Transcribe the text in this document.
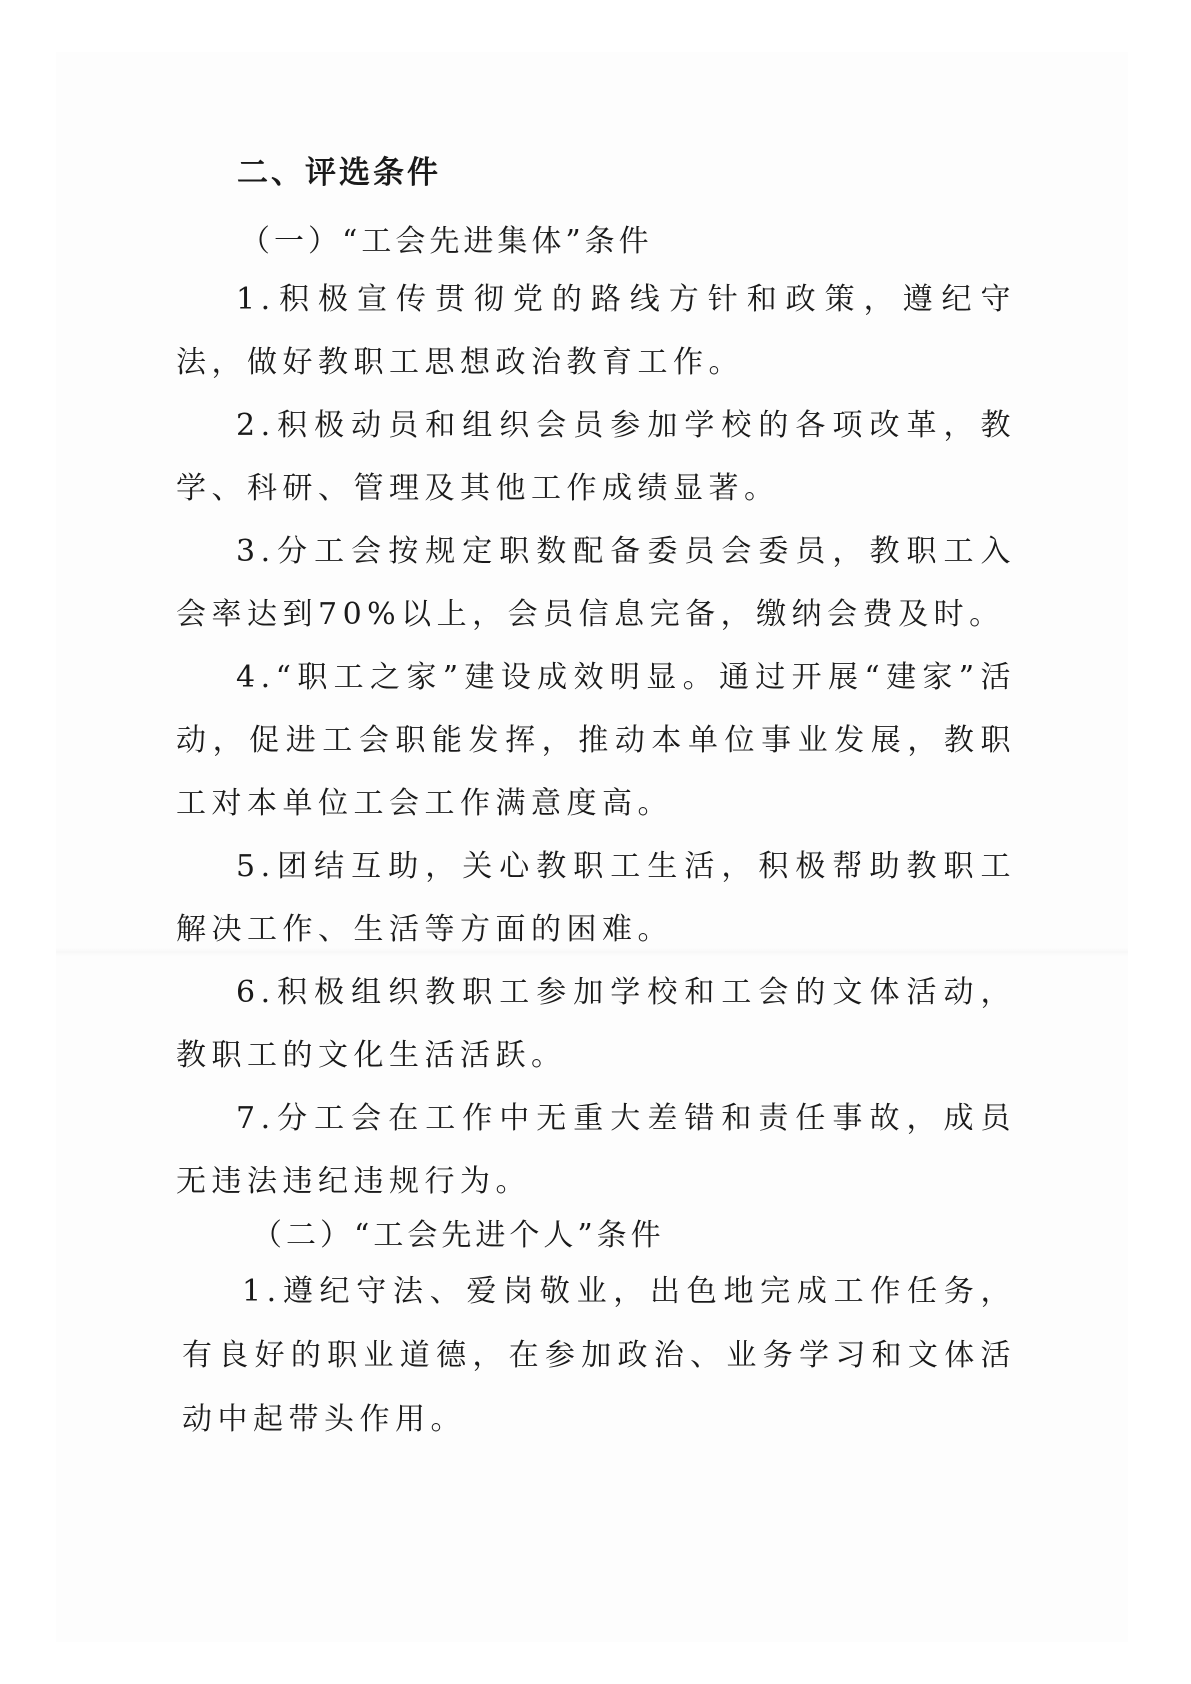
二、评选条件
（一）“工会先进集体”条件

1.积极宣传贯彻党的路线方针和政策，遵纪守法，做好教职工思想政治教育工作。

2.积极动员和组织会员参加学校的各项改革，教学、科研、管理及其他工作成绩显著。

3.分工会按规定职数配备委员会委员，教职工入会率达到70%以上，会员信息完备，缴纳会费及时。

4.“职工之家”建设成效明显。通过开展“建家”活动，促进工会职能发挥，推动本单位事业发展，教职工对本单位工会工作满意度高。

5.团结互助，关心教职工生活，积极帮助教职工解决工作、生活等方面的困难。

6.积极组织教职工参加学校和工会的文体活动，教职工的文化生活活跃。

7.分工会在工作中无重大差错和责任事故，成员无违法违纪违规行为。

（二）“工会先进个人”条件

1.遵纪守法、爱岗敬业，出色地完成工作任务，有良好的职业道德，在参加政治、业务学习和文体活动中起带头作用。
